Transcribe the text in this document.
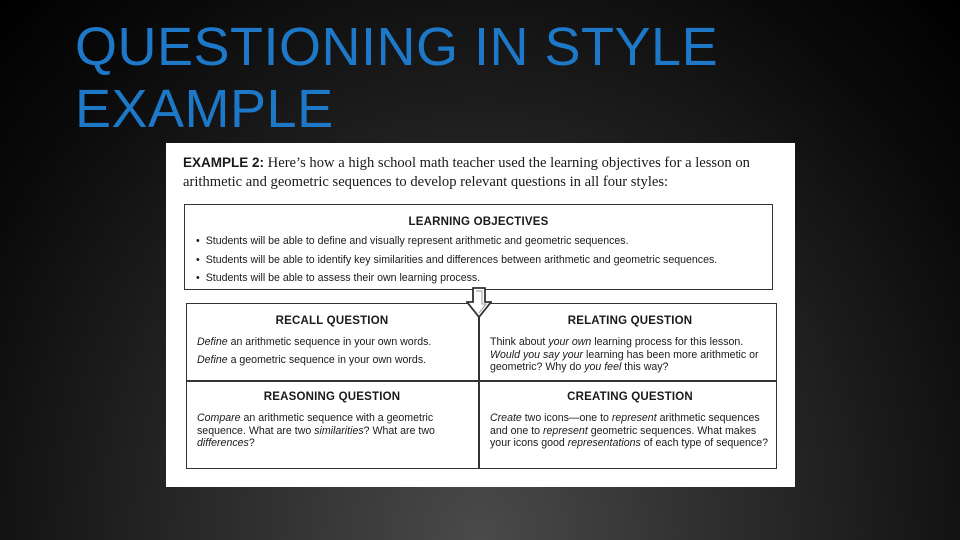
QUESTIONING IN STYLE
EXAMPLE
EXAMPLE 2: Here’s how a high school math teacher used the learning objectives for a lesson on arithmetic and geometric sequences to develop relevant questions in all four styles:
LEARNING OBJECTIVES
• Students will be able to define and visually represent arithmetic and geometric sequences.
• Students will be able to identify key similarities and differences between arithmetic and geometric sequences.
• Students will be able to assess their own learning process.
RECALL QUESTION

Define an arithmetic sequence in your own words.

Define a geometric sequence in your own words.

RELATING QUESTION

Think about your own learning process for this lesson.
Would you say your learning has been more arithmetic or geometric? Why do you feel this way?

REASONING QUESTION

Compare an arithmetic sequence with a geometric sequence. What are two similarities? What are two differences?

CREATING QUESTION

Create two icons—one to represent arithmetic sequences and one to represent geometric sequences. What makes your icons good representations of each type of sequence?
